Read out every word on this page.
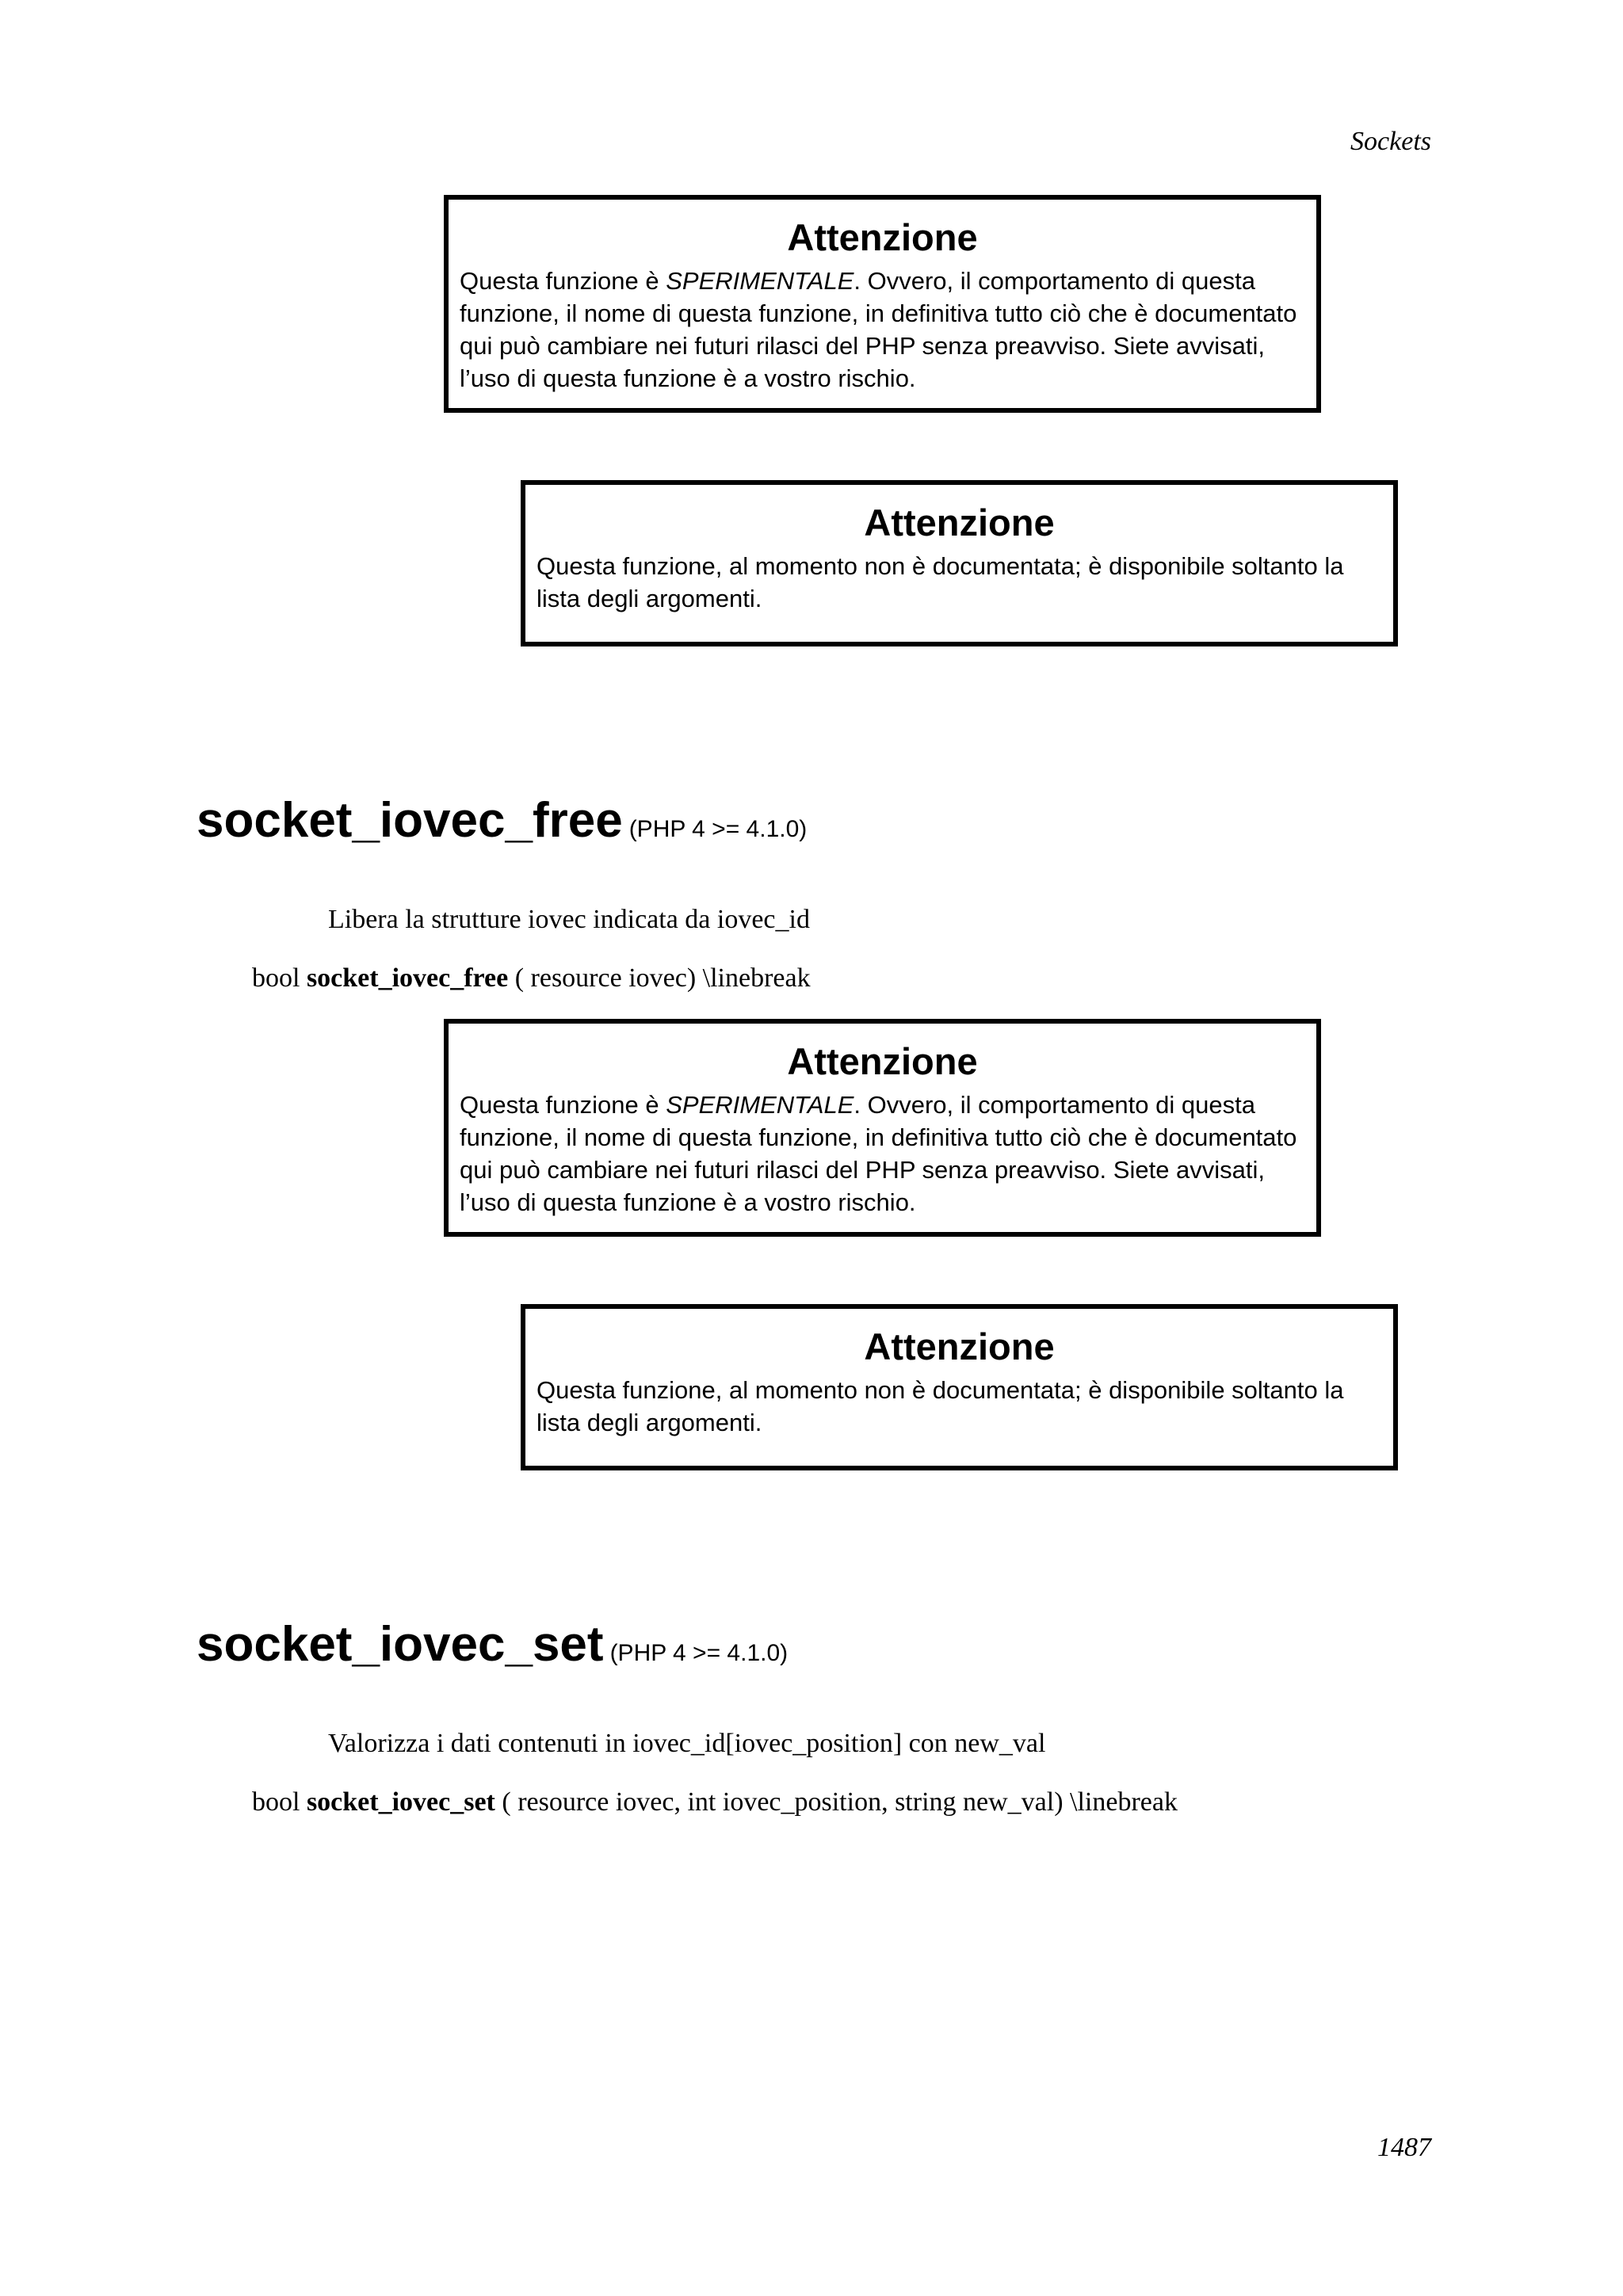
Sockets

Attenzione

Questa funzione è SPERIMENTALE. Ovvero, il comportamento di questa funzione, il nome di questa funzione, in definitiva tutto ciò che è documentato qui può cambiare nei futuri rilasci del PHP senza preavviso. Siete avvisati, l’uso di questa funzione è a vostro rischio.

Attenzione

Questa funzione, al momento non è documentata; è disponibile soltanto la lista degli argomenti.

socket_iovec_free (PHP 4 >= 4.1.0)
Libera la strutture iovec indicata da iovec_id
bool socket_iovec_free ( resource iovec) \linebreak

Attenzione

Questa funzione è SPERIMENTALE. Ovvero, il comportamento di questa funzione, il nome di questa funzione, in definitiva tutto ciò che è documentato qui può cambiare nei futuri rilasci del PHP senza preavviso. Siete avvisati, l’uso di questa funzione è a vostro rischio.

Attenzione

Questa funzione, al momento non è documentata; è disponibile soltanto la lista degli argomenti.

socket_iovec_set (PHP 4 >= 4.1.0)
Valorizza i dati contenuti in iovec_id[iovec_position] con new_val
bool socket_iovec_set ( resource iovec, int iovec_position, string new_val) \linebreak
1487
